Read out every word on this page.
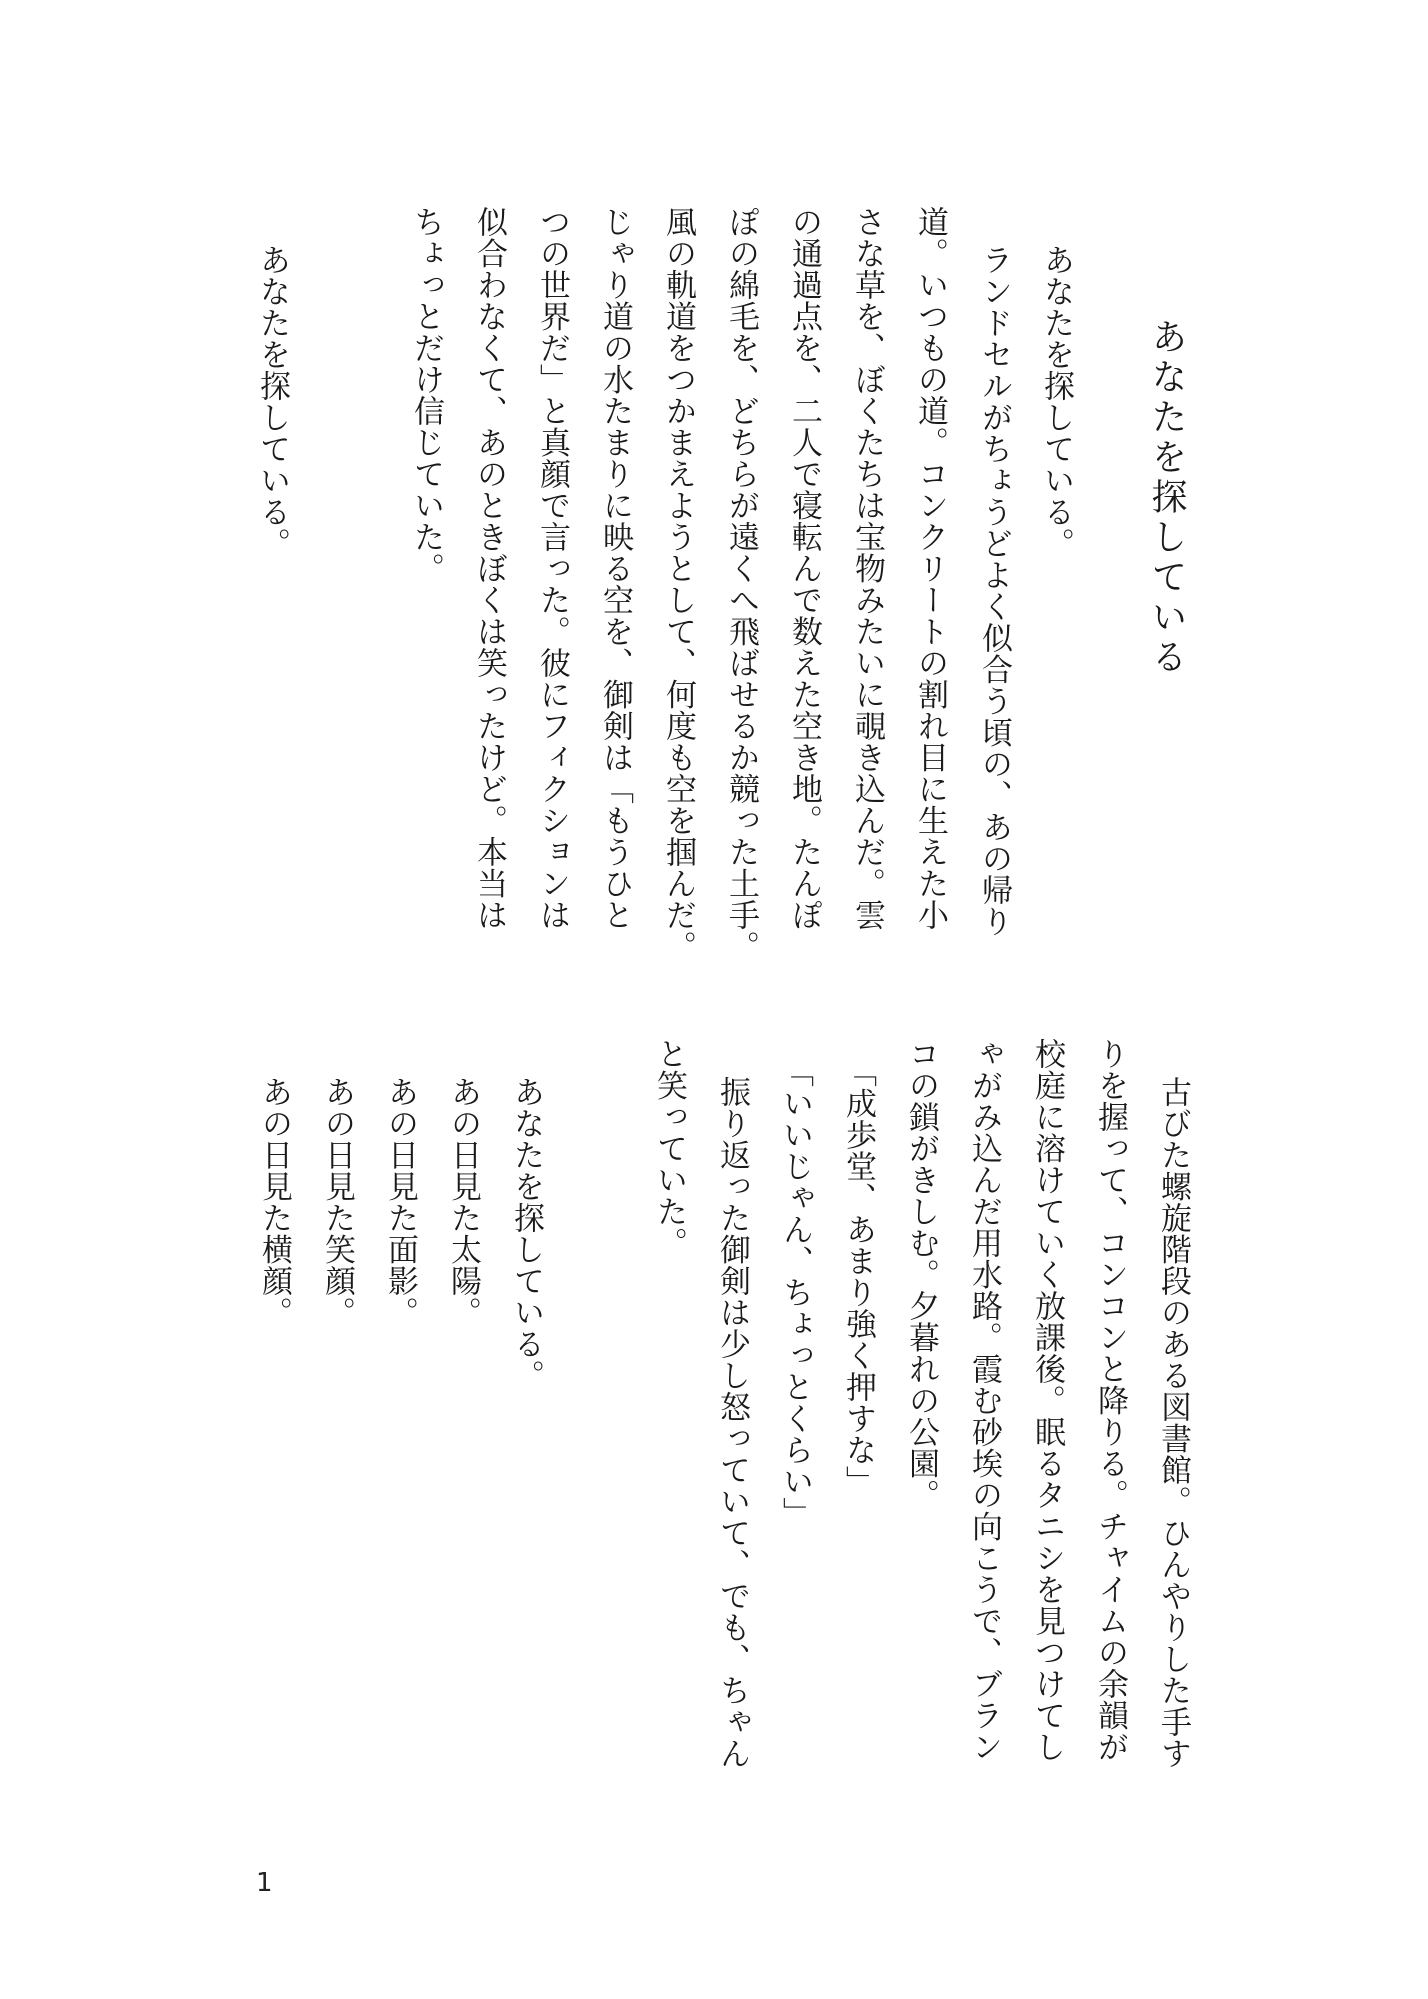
あなたを探している
あなたを探している。
ランドセルがちょうどよく似合う頃の、あの帰り
道。いつもの道。コンクリートの割れ目に生えた小
さな草を、ぼくたちは宝物みたいに覗き込んだ。雲
の通過点を、二人で寝転んで数えた空き地。たんぽ
ぽの綿毛を、どちらが遠くへ飛ばせるか競った土手。
風の軌道をつかまえようとして、何度も空を掴んだ。
じゃり道の水たまりに映る空を、御剣は「もうひと
つの世界だ」と真顔で言った。彼にフィクションは
似合わなくて、あのときぼくは笑ったけど。本当は
ちょっとだけ信じていた。
あなたを探している。
古びた螺旋階段のある図書館。ひんやりした手す
りを握って、コンコンと降りる。チャイムの余韻が
校庭に溶けていく放課後。眠るタニシを見つけてし
ゃがみ込んだ用水路。霞む砂埃の向こうで、ブラン
コの鎖がきしむ。夕暮れの公園。
「成歩堂、あまり強く押すな」
「いいじゃん、ちょっとくらい」
振り返った御剣は少し怒っていて、でも、ちゃん
と笑っていた。
あなたを探している。
あの日見た太陽。
あの日見た面影。
あの日見た笑顔。
あの日見た横顔。
1
